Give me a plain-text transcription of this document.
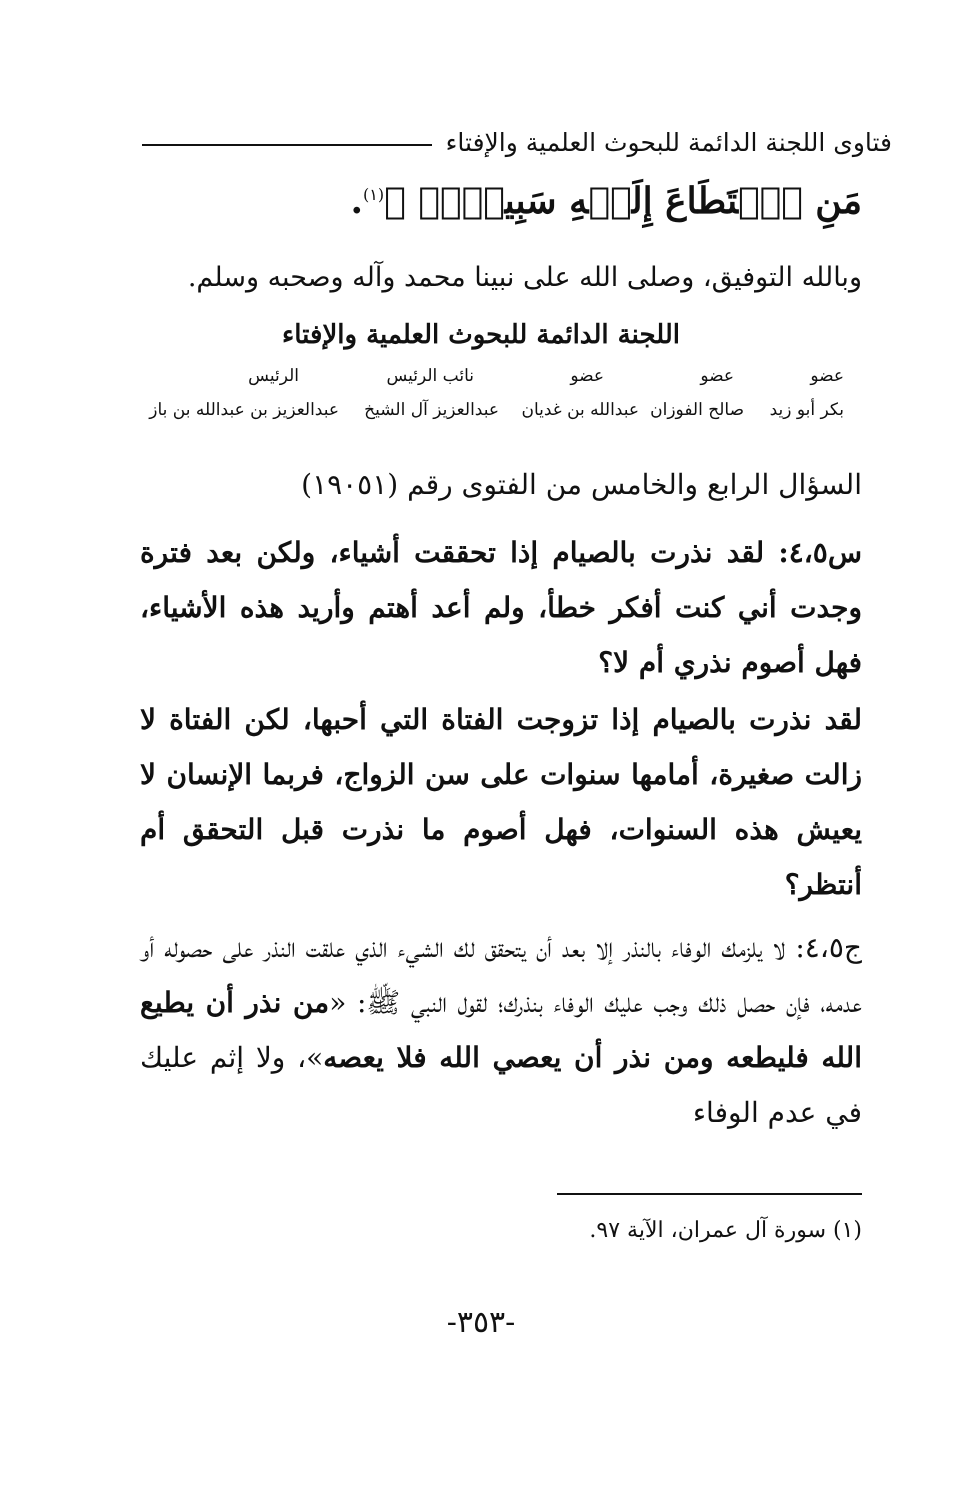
فتاوى اللجنة الدائمة للبحوث العلمية والإفتاء
مَنِ ٱسۡتَطَاعَ إِلَيۡهِ سَبِيلٗاۚ ﴾$^{(١)}$.
وبالله التوفيق، وصلى الله على نبينا محمد وآله وصحبه وسلم.
اللجنة الدائمة للبحوث العلمية والإفتاء
عضو
عضو
عضو
نائب الرئيس
الرئيس
بكر أبو زيد
صالح الفوزان
عبدالله بن غديان
عبدالعزيز آل الشيخ
عبدالعزيز بن عبدالله بن باز
السؤال الرابع والخامس من الفتوى رقم (١٩٠٥١)
س٤،٥: لقد نذرت بالصيام إذا تحققت أشياء، ولكن بعد فترة وجدت أني كنت أفكر خطأ، ولم أعد أهتم وأريد هذه الأشياء، فهل أصوم نذري أم لا؟
لقد نذرت بالصيام إذا تزوجت الفتاة التي أحبها، لكن الفتاة لا زالت صغيرة، أمامها سنوات على سن الزواج، فربما الإنسان لا يعيش هذه السنوات، فهل أصوم ما نذرت قبل التحقق أم أنتظر؟
ج٤،٥: لا يلزمك الوفاء بالنذر إلا بعد أن يتحقق لك الشيء الذي علقت النذر على حصوله أو عدمه، فإن حصل ذلك وجب عليك الوفاء بنذرك؛ لقول النبي ﷺ: «من نذر أن يطيع الله فليطعه ومن نذر أن يعصي الله فلا يعصه»، ولا إثم عليك في عدم الوفاء
(١) سورة آل عمران، الآية ٩٧.
-٣٥٣-
